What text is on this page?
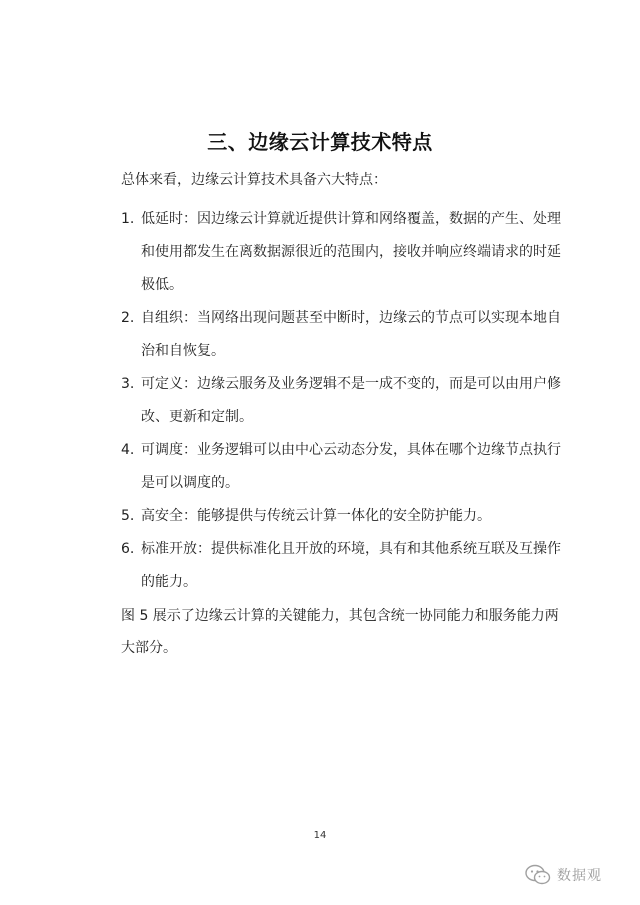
三、边缘云计算技术特点
总体来看，边缘云计算技术具备六大特点：
1. 低延时：因边缘云计算就近提供计算和网络覆盖，数据的产生、处理和使用都发生在离数据源很近的范围内，接收并响应终端请求的时延极低。
2. 自组织：当网络出现问题甚至中断时，边缘云的节点可以实现本地自治和自恢复。
3. 可定义：边缘云服务及业务逻辑不是一成不变的，而是可以由用户修改、更新和定制。
4. 可调度：业务逻辑可以由中心云动态分发，具体在哪个边缘节点执行是可以调度的。
5. 高安全：能够提供与传统云计算一体化的安全防护能力。
6. 标准开放：提供标准化且开放的环境，具有和其他系统互联及互操作的能力。
图 5 展示了边缘云计算的关键能力，其包含统一协同能力和服务能力两大部分。
14
数据观
